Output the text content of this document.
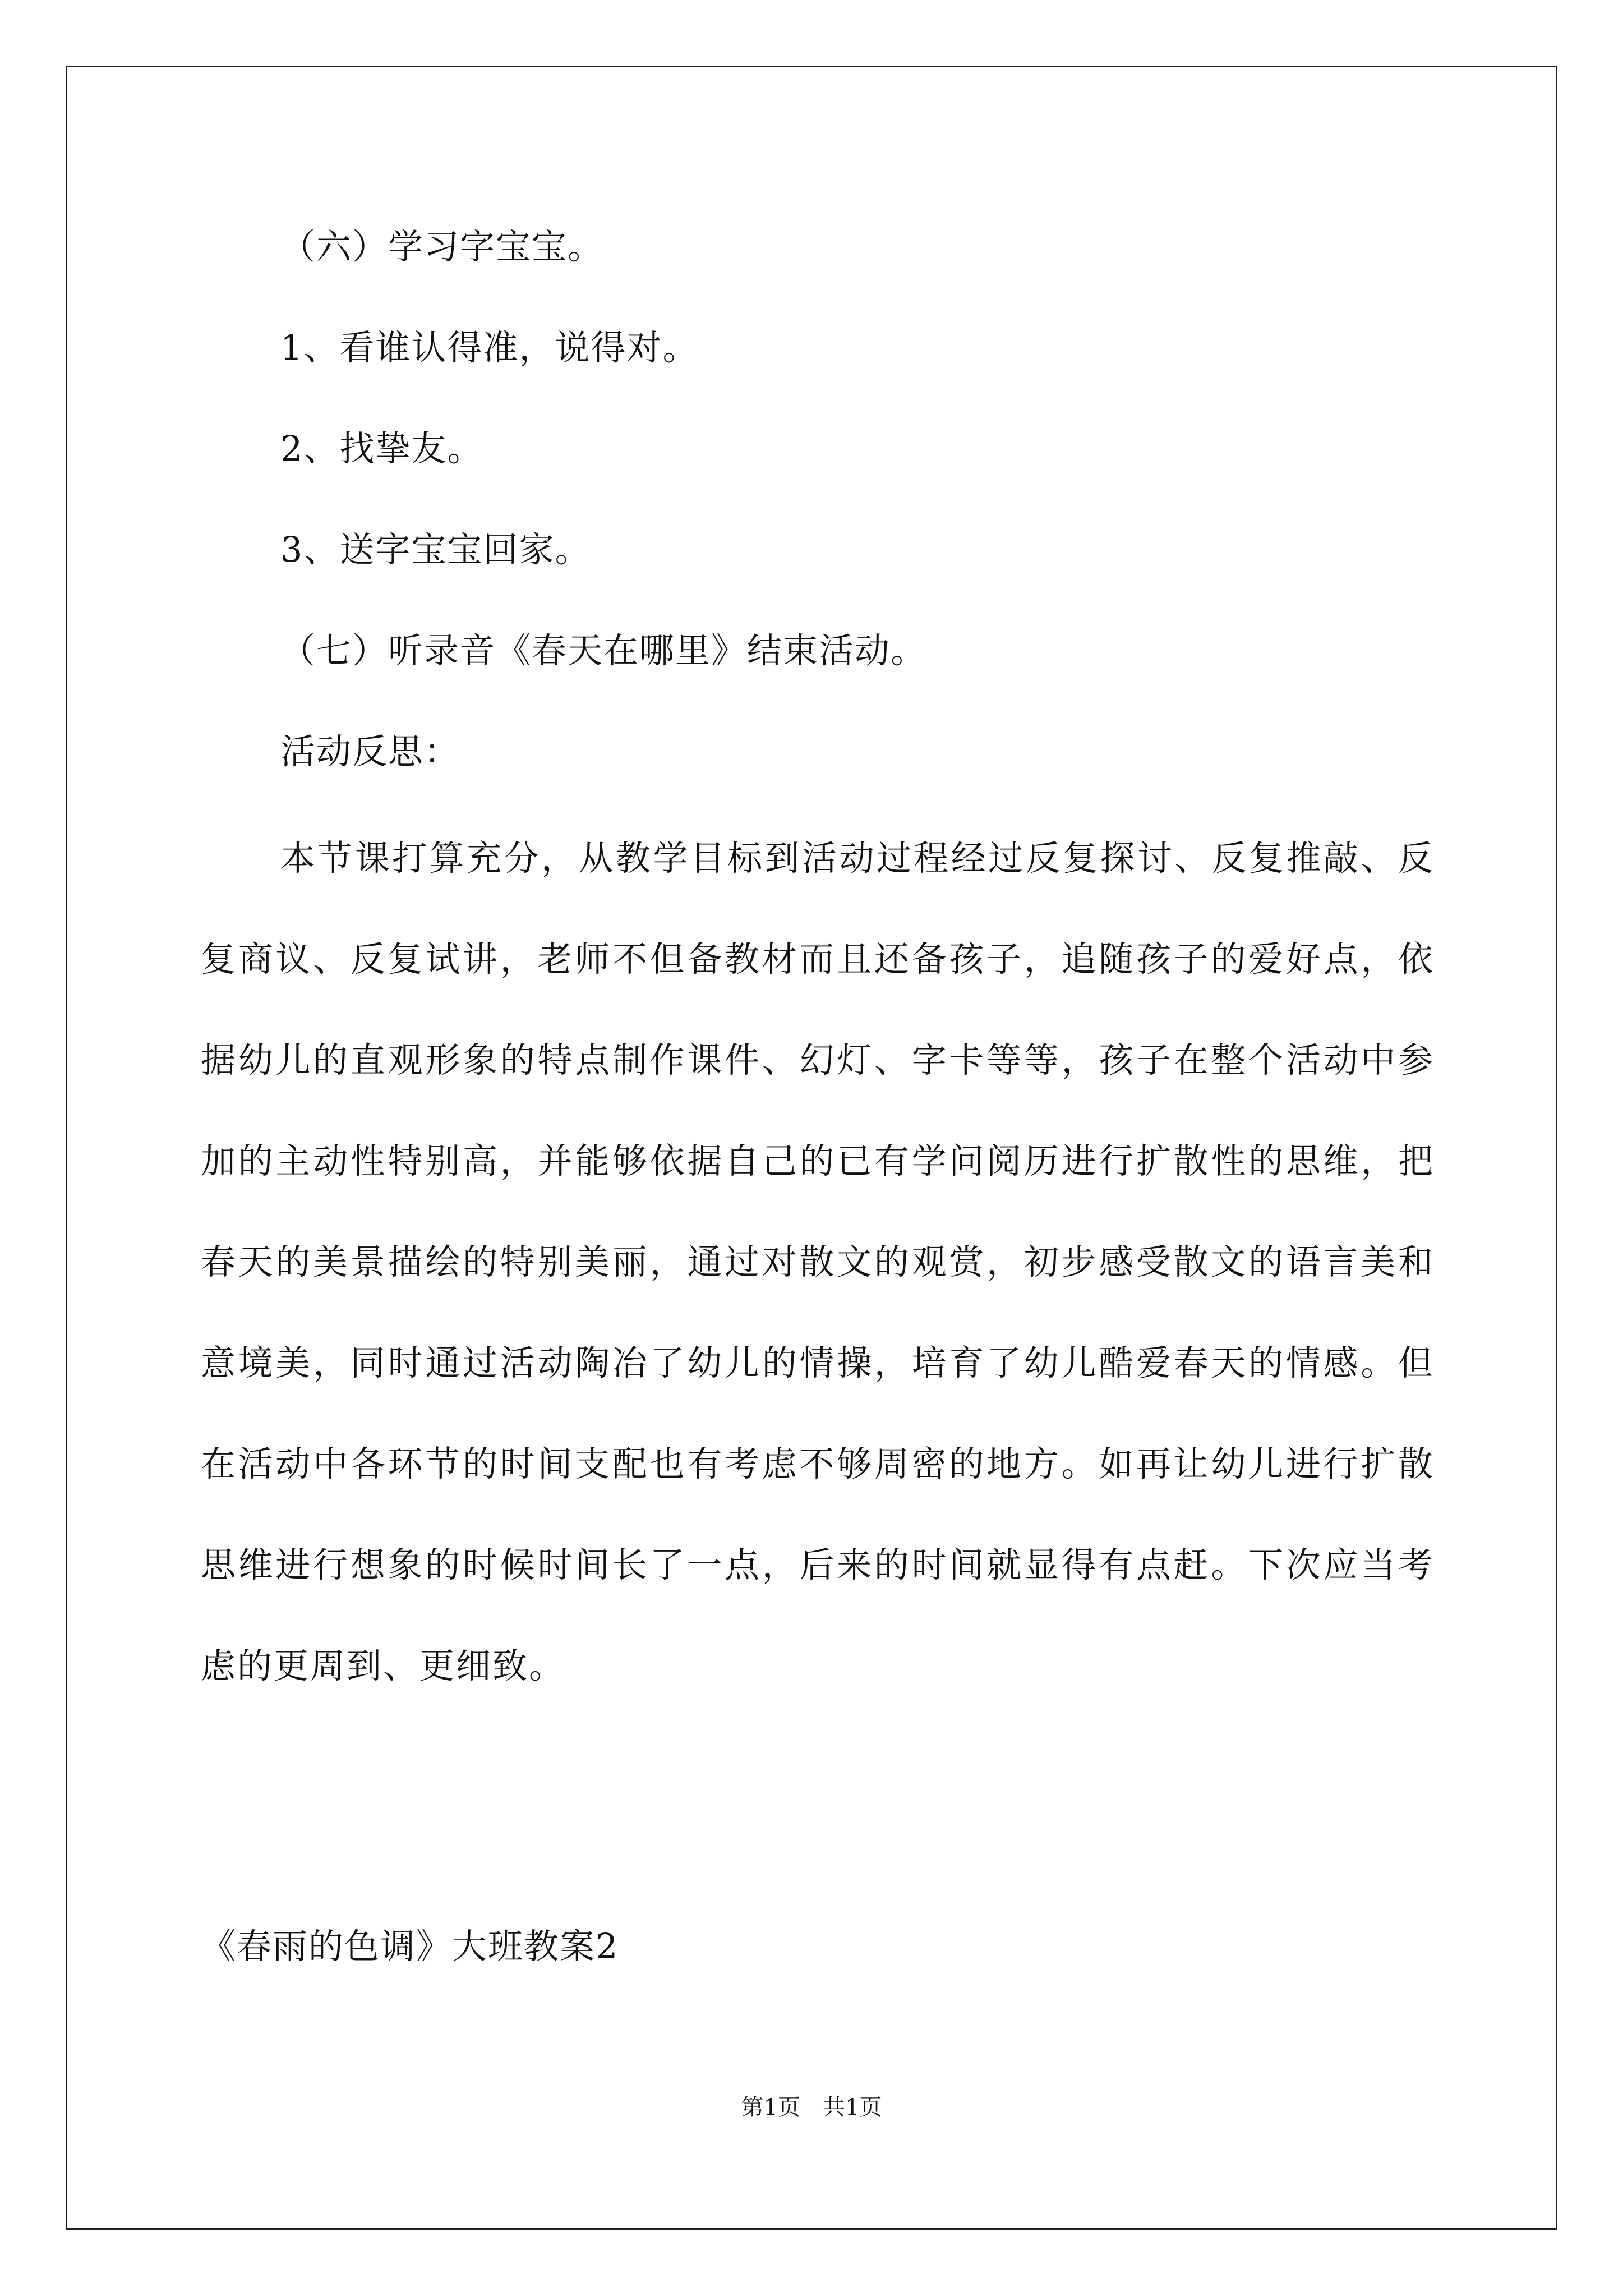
（六）学习字宝宝。
1、看谁认得准，说得对。
2、找挚友。
3、送字宝宝回家。
（七）听录音《春天在哪里》结束活动。
活动反思：
本节课打算充分，从教学目标到活动过程经过反复探讨、反复推敲、反复商议、反复试讲，老师不但备教材而且还备孩子，追随孩子的爱好点，依据幼儿的直观形象的特点制作课件、幻灯、字卡等等，孩子在整个活动中参加的主动性特别高，并能够依据自己的已有学问阅历进行扩散性的思维，把春天的美景描绘的特别美丽，通过对散文的观赏，初步感受散文的语言美和意境美，同时通过活动陶冶了幼儿的情操，培育了幼儿酷爱春天的情感。但在活动中各环节的时间支配也有考虑不够周密的地方。如再让幼儿进行扩散思维进行想象的时候时间长了一点，后来的时间就显得有点赶。下次应当考虑的更周到、更细致。
《春雨的色调》大班教案2
第1页　共1页
